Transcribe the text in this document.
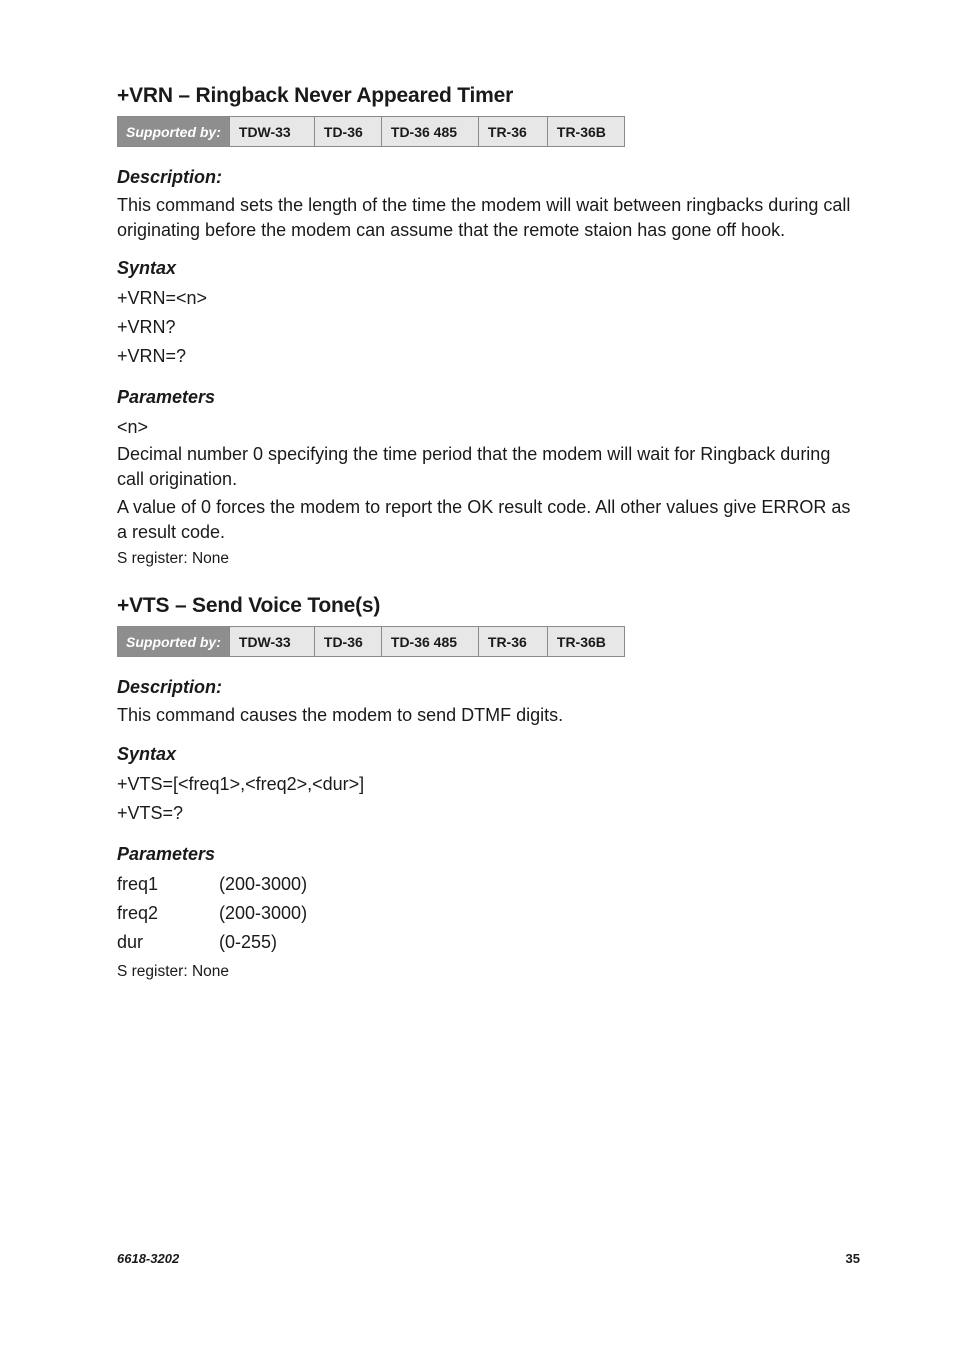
+VRN – Ringback Never Appeared Timer
Supported by:	TDW-33	TD-36	TD-36 485	TR-36	TR-36B
Description:

This command sets the length of the time the modem will wait between ringbacks during call originating before the modem can assume that the remote staion has gone off hook.

Syntax
+VRN=<n>
+VRN?
+VRN=?
Parameters
<n>

Decimal number 0 specifying the time period that the modem will wait for Ringback during call origination.

A value of 0 forces the modem to report the OK result code. All other values give ERROR as a result code.

S register: None
+VTS – Send Voice Tone(s)
Supported by:	TDW-33	TD-36	TD-36 485	TR-36	TR-36B
Description:

This command causes the modem to send DTMF digits.

Syntax
+VTS=[<freq1>,<freq2>,<dur>]
+VTS=?
Parameters
freq1	(200-3000)
freq2	(200-3000)
dur	(0-255)
S register: None
6618-3202	35
